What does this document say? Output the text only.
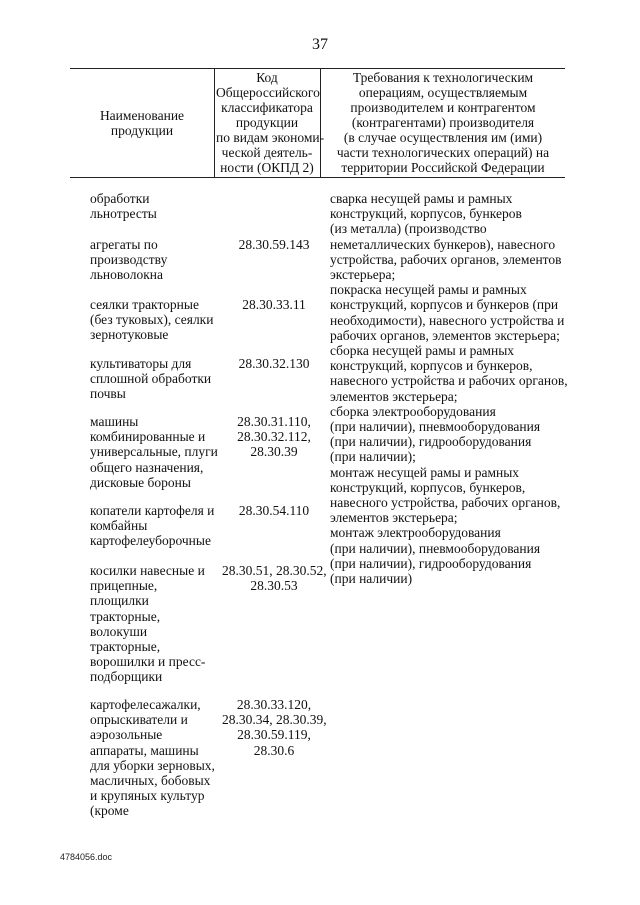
37
Наименование
продукции
Код
Общероссийского
классификатора
продукции
по видам экономи-
ческой деятель-
ности (ОКПД 2)
Требования к технологическим
операциям, осуществляемым
производителем и контрагентом
(контрагентами) производителя
(в случае осуществления им (ими)
части технологических операций) на
территории Российской Федерации
обработки
льнотресты
агрегаты по
производству
льноволокна
28.30.59.143
сеялки тракторные
(без туковых), сеялки
зернотуковые
28.30.33.11
культиваторы для
сплошной обработки
почвы
28.30.32.130
машины
комбинированные и
универсальные, плуги
общего назначения,
дисковые бороны
28.30.31.110,
28.30.32.112,
28.30.39
копатели картофеля и
комбайны
картофелеуборочные
28.30.54.110
косилки навесные и
прицепные,
площилки
тракторные,
волокуши
тракторные,
ворошилки и пресс-
подборщики
28.30.51, 28.30.52,
28.30.53
картофелесажалки,
опрыскиватели и
аэрозольные
аппараты, машины
для уборки зерновых,
масличных, бобовых
и крупяных культур
(кроме
28.30.33.120,
28.30.34, 28.30.39,
28.30.59.119,
28.30.6
сварка несущей рамы и рамных
конструкций, корпусов, бункеров
(из металла) (производство
неметаллических бункеров), навесного
устройства, рабочих органов, элементов
экстерьера;
покраска несущей рамы и рамных
конструкций, корпусов и бункеров (при
необходимости), навесного устройства и
рабочих органов, элементов экстерьера;
сборка несущей рамы и рамных
конструкций, корпусов и бункеров,
навесного устройства и рабочих органов,
элементов экстерьера;
сборка электрооборудования
(при наличии), пневмооборудования
(при наличии), гидрооборудования
(при наличии);
монтаж несущей рамы и рамных
конструкций, корпусов, бункеров,
навесного устройства, рабочих органов,
элементов экстерьера;
монтаж электрооборудования
(при наличии), пневмооборудования
(при наличии), гидрооборудования
(при наличии)
4784056.doc
